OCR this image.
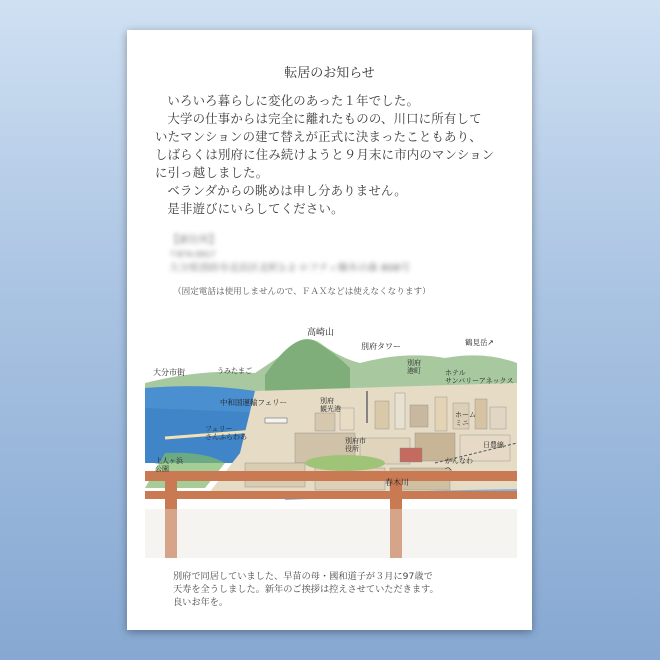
転居のお知らせ

いろいろ暮らしに変化のあった１年でした。

大学の仕事からは完全に離れたものの、川口に所有して
いたマンションの建て替えが正式に決まったこともあり、
しばらくは別府に住み続けようと９月末に市内のマンション
に引っ越しました。

ベランダからの眺めは申し分ありません。

是非遊びにいらしてください。

【新住所】
〒874-0917
大分県別府市北浜区北町1-2 ロフティ楠木の森 808号
（固定電話は使用しませんので、ＦＡＸなどは使えなくなります）
高崎山
別府タワー	鶴見岳↗
大分市街	うみたまご
中和国運輸フェリー	別府観光港
フェリーさんふらわあ
上人ヶ浜公園
別府港町	ホテルサンバリーアネックス
別府市役所
春木川
日豊線
ホームミニ
かんなわへ
別府で同居していました、早苗の母・國和道子が３月に97歳で
天寿を全うしました。新年のご挨拶は控えさせていただきます。
良いお年を。
